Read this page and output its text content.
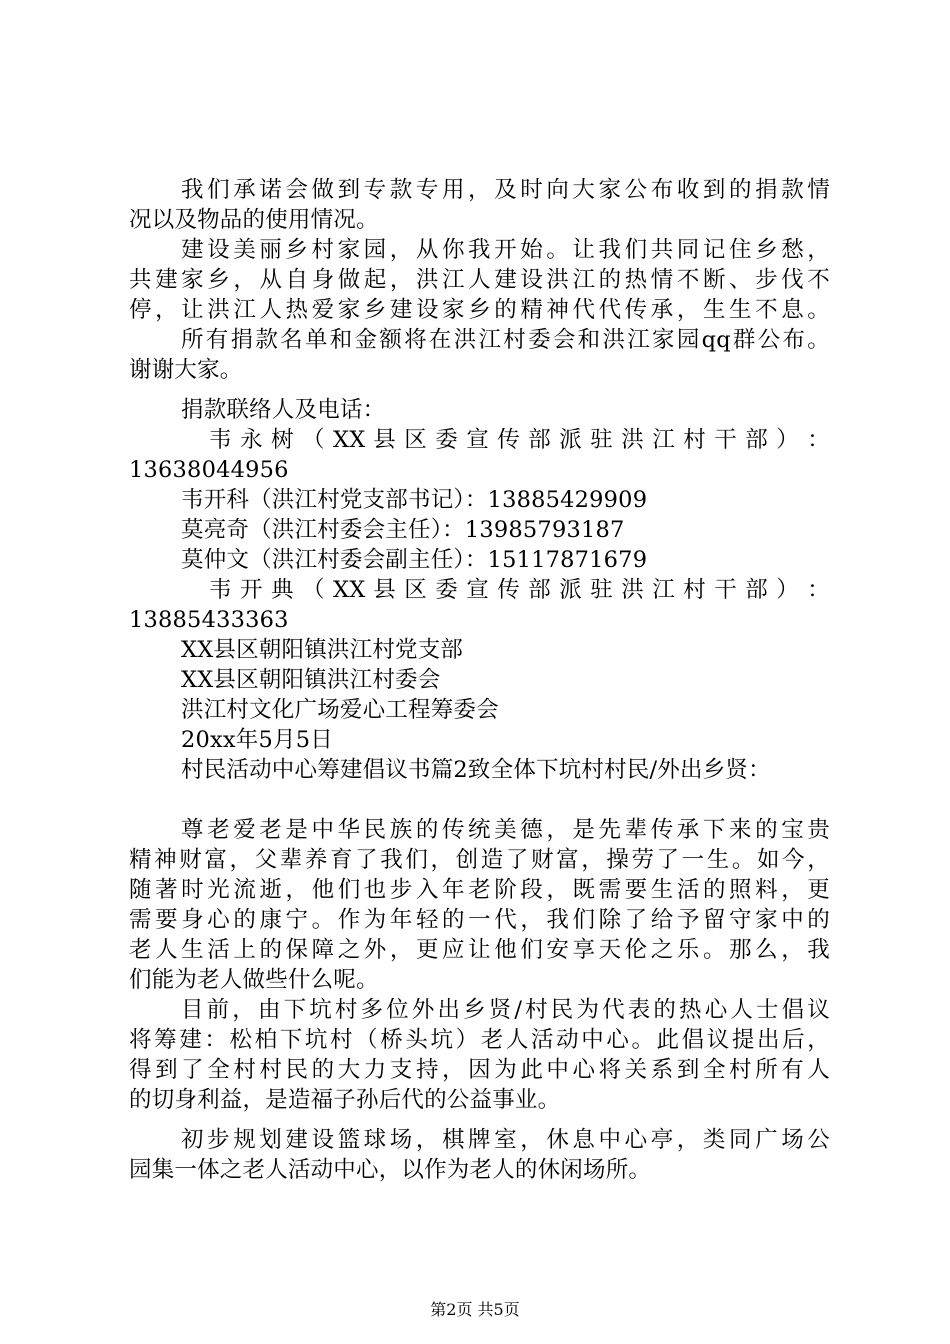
我们承诺会做到专款专用，及时向大家公布收到的捐款情
况以及物品的使用情况。
建设美丽乡村家园，从你我开始。让我们共同记住乡愁，
共建家乡，从自身做起，洪江人建设洪江的热情不断、步伐不
停，让洪江人热爱家乡建设家乡的精神代代传承，生生不息。
所有捐款名单和金额将在洪江村委会和洪江家园qq群公布。
谢谢大家。
捐款联络人及电话：
韦 永 树 （ XX 县 区 委 宣 传 部 派 驻 洪 江 村 干 部 ） ：
13638044956
韦开科（洪江村党支部书记）：13885429909
莫亮奇（洪江村委会主任）：13985793187
莫仲文（洪江村委会副主任）：15117871679
韦 开 典 （ XX 县 区 委 宣 传 部 派 驻 洪 江 村 干 部 ） ：
13885433363
XX县区朝阳镇洪江村党支部
XX县区朝阳镇洪江村委会
洪江村文化广场爱心工程筹委会
20xx年5月5日
村民活动中心筹建倡议书篇2致全体下坑村村民/外出乡贤：
尊老爱老是中华民族的传统美德，是先辈传承下来的宝贵
精神财富，父辈养育了我们，创造了财富，操劳了一生。如今，
随著时光流逝，他们也步入年老阶段，既需要生活的照料，更
需要身心的康宁。作为年轻的一代，我们除了给予留守家中的
老人生活上的保障之外，更应让他们安享天伦之乐。那么，我
们能为老人做些什么呢。
目前，由下坑村多位外出乡贤/村民为代表的热心人士倡议
将筹建：松柏下坑村（桥头坑）老人活动中心。此倡议提出后，
得到了全村村民的大力支持，因为此中心将关系到全村所有人
的切身利益，是造福子孙后代的公益事业。
初步规划建设篮球场，棋牌室，休息中心亭，类同广场公
园集一体之老人活动中心，以作为老人的休闲场所。
第2页 共5页
